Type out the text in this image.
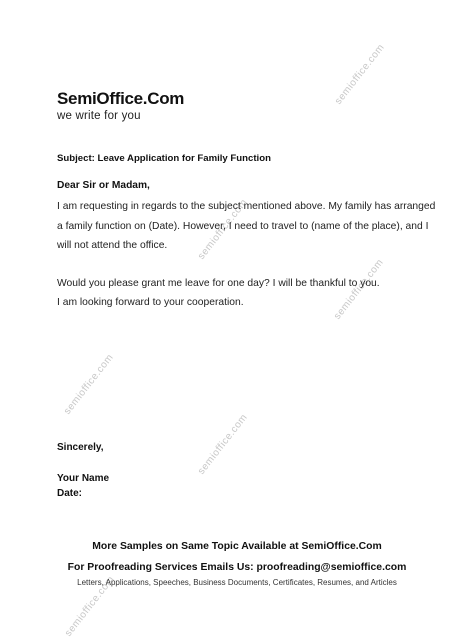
semioffice.com
semioffice.com
semioffice.com
semioffice.com
semioffice.com
semioffice.com
SemiOffice.Com
we write for you
Subject: Leave Application for Family Function
Dear Sir or Madam,
I am requesting in regards to the subject mentioned above. My family has arranged a family function on (Date). However, I need to travel to (name of the place), and I will not attend the office.
Would you please grant me leave for one day? I will be thankful to you.
I am looking forward to your cooperation.
Sincerely,
Your Name
Date:
More Samples on Same Topic Available at SemiOffice.Com
For Proofreading Services Emails Us: proofreading@semioffice.com
Letters, Applications, Speeches, Business Documents, Certificates, Resumes, and Articles
